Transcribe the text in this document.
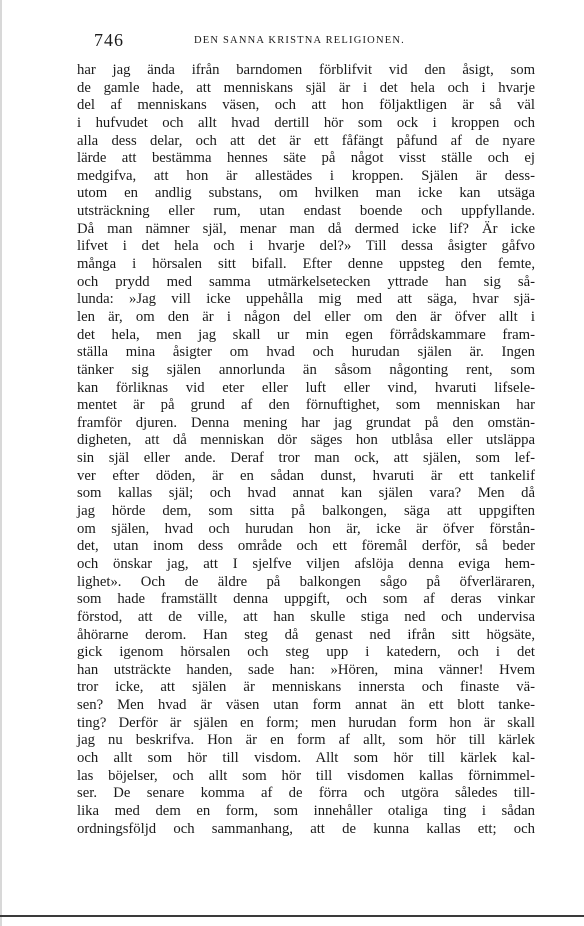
746	DEN SANNA KRISTNA RELIGIONEN.
har jag ända ifrån barndomen förblifvit vid den åsigt, som
de gamle hade, att menniskans själ är i det hela och i hvarje
del af menniskans väsen, och att hon följaktligen är så väl
i hufvudet och allt hvad dertill hör som ock i kroppen och
alla dess delar, och att det är ett fåfängt påfund af de nyare
lärde att bestämma hennes säte på något visst ställe och ej
medgifva, att hon är allestädes i kroppen. Själen är dess-
utom en andlig substans, om hvilken man icke kan utsäga
utsträckning eller rum, utan endast boende och uppfyllande.
Då man nämner själ, menar man då dermed icke lif? Är icke
lifvet i det hela och i hvarje del?» Till dessa åsigter gåfvo
många i hörsalen sitt bifall. Efter denne uppsteg den femte,
och prydd med samma utmärkelsetecken yttrade han sig så-
lunda: »Jag vill icke uppehålla mig med att säga, hvar sjä-
len är, om den är i någon del eller om den är öfver allt i
det hela, men jag skall ur min egen förrådskammare fram-
ställa mina åsigter om hvad och hurudan själen är. Ingen
tänker sig själen annorlunda än såsom någonting rent, som
kan förliknas vid eter eller luft eller vind, hvaruti lifsele-
mentet är på grund af den förnuftighet, som menniskan har
framför djuren. Denna mening har jag grundat på den omstän-
digheten, att då menniskan dör säges hon utblåsa eller utsläppa
sin själ eller ande. Deraf tror man ock, att själen, som lef-
ver efter döden, är en sådan dunst, hvaruti är ett tankelif
som kallas själ; och hvad annat kan själen vara? Men då
jag hörde dem, som sitta på balkongen, säga att uppgiften
om själen, hvad och hurudan hon är, icke är öfver förstån-
det, utan inom dess område och ett föremål derför, så beder
och önskar jag, att I sjelfve viljen afslöja denna eviga hem-
lighet». Och de äldre på balkongen sågo på öfverläraren,
som hade framställt denna uppgift, och som af deras vinkar
förstod, att de ville, att han skulle stiga ned och undervisa
åhörarne derom. Han steg då genast ned ifrån sitt högsäte,
gick igenom hörsalen och steg upp i katedern, och i det
han utsträckte handen, sade han: »Hören, mina vänner! Hvem
tror icke, att själen är menniskans innersta och finaste vä-
sen? Men hvad är väsen utan form annat än ett blott tanke-
ting? Derför är själen en form; men hurudan form hon är skall
jag nu beskrifva. Hon är en form af allt, som hör till kärlek
och allt som hör till visdom. Allt som hör till kärlek kal-
las böjelser, och allt som hör till visdomen kallas förnimmel-
ser. De senare komma af de förra och utgöra således till-
lika med dem en form, som innehåller otaliga ting i sådan
ordningsföljd och sammanhang, att de kunna kallas ett; och
